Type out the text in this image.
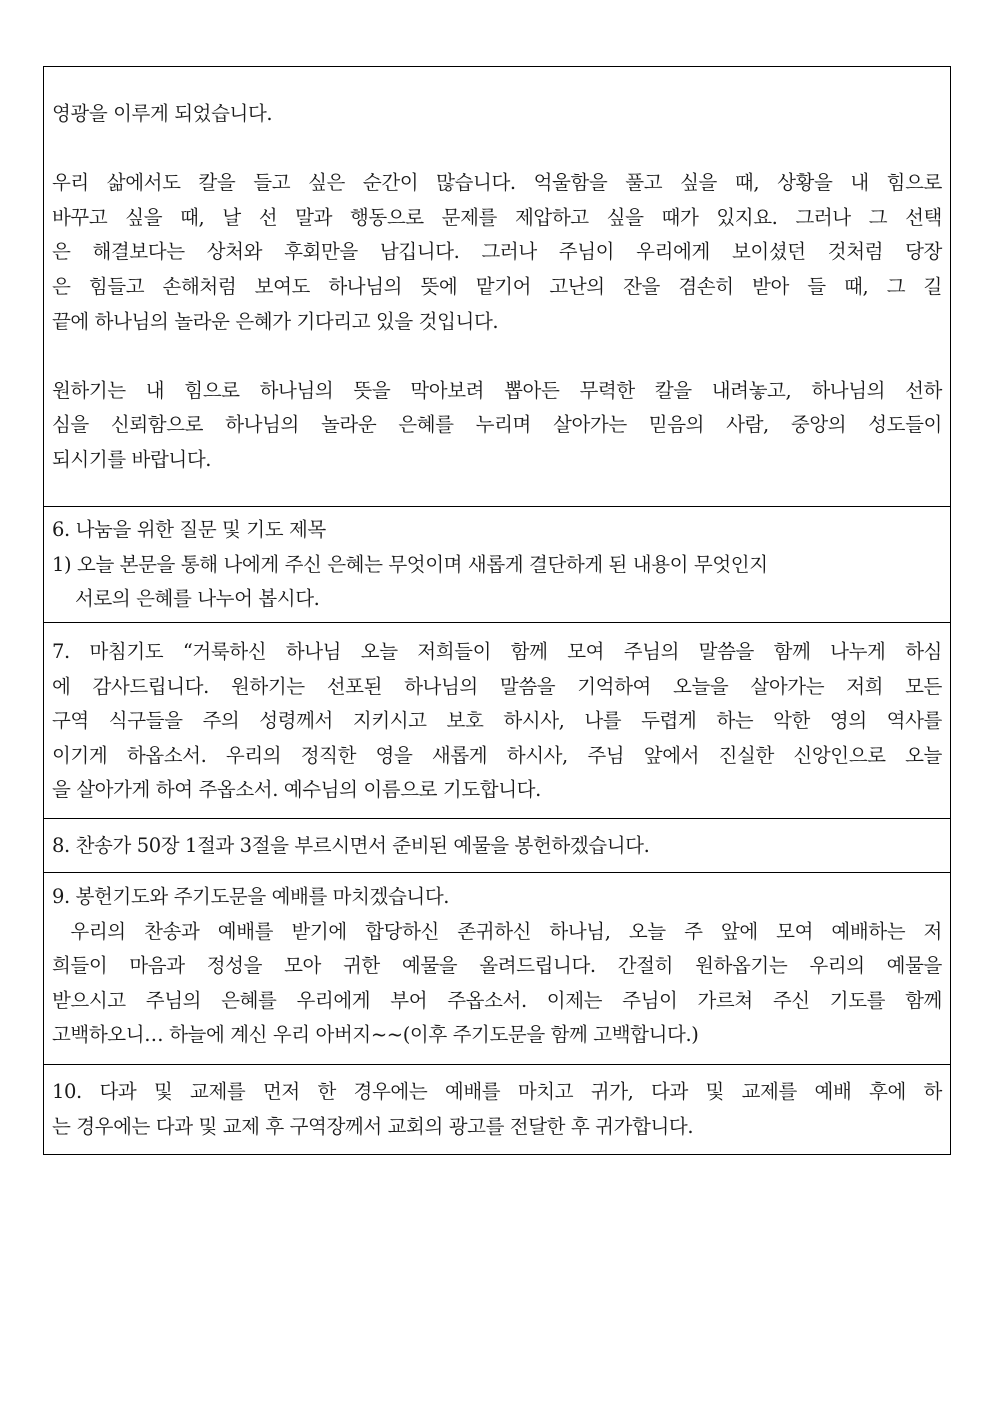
영광을 이루게 되었습니다.
우리 삶에서도 칼을 들고 싶은 순간이 많습니다. 억울함을 풀고 싶을 때, 상황을 내 힘으로
바꾸고 싶을 때, 날 선 말과 행동으로 문제를 제압하고 싶을 때가 있지요. 그러나 그 선택
은 해결보다는 상처와 후회만을 남깁니다. 그러나 주님이 우리에게 보이셨던 것처럼 당장
은 힘들고 손해처럼 보여도 하나님의 뜻에 맡기어 고난의 잔을 겸손히 받아 들 때, 그 길
끝에 하나님의 놀라운 은혜가 기다리고 있을 것입니다.
원하기는 내 힘으로 하나님의 뜻을 막아보려 뽑아든 무력한 칼을 내려놓고, 하나님의 선하
심을 신뢰함으로 하나님의 놀라운 은혜를 누리며 살아가는 믿음의 사람, 중앙의 성도들이
되시기를 바랍니다.
6. 나눔을 위한 질문 및 기도 제목
1) 오늘 본문을 통해 나에게 주신 은혜는 무엇이며 새롭게 결단하게 된 내용이 무엇인지
서로의 은혜를 나누어 봅시다.
7. 마침기도 “거룩하신 하나님 오늘 저희들이 함께 모여 주님의 말씀을 함께 나누게 하심
에 감사드립니다. 원하기는 선포된 하나님의 말씀을 기억하여 오늘을 살아가는 저희 모든
구역 식구들을 주의 성령께서 지키시고 보호 하시사, 나를 두렵게 하는 악한 영의 역사를
이기게 하옵소서. 우리의 정직한 영을 새롭게 하시사, 주님 앞에서 진실한 신앙인으로 오늘
을 살아가게 하여 주옵소서. 예수님의 이름으로 기도합니다.
8. 찬송가 50장 1절과 3절을 부르시면서 준비된 예물을 봉헌하겠습니다.
9. 봉헌기도와 주기도문을 예배를 마치겠습니다.
우리의 찬송과 예배를 받기에 합당하신 존귀하신 하나님, 오늘 주 앞에 모여 예배하는 저
희들이 마음과 정성을 모아 귀한 예물을 올려드립니다. 간절히 원하옵기는 우리의 예물을
받으시고 주님의 은혜를 우리에게 부어 주옵소서. 이제는 주님이 가르쳐 주신 기도를 함께
고백하오니… 하늘에 계신 우리 아버지~~(이후 주기도문을 함께 고백합니다.)
10. 다과 및 교제를 먼저 한 경우에는 예배를 마치고 귀가, 다과 및 교제를 예배 후에 하
는 경우에는 다과 및 교제 후 구역장께서 교회의 광고를 전달한 후 귀가합니다.
